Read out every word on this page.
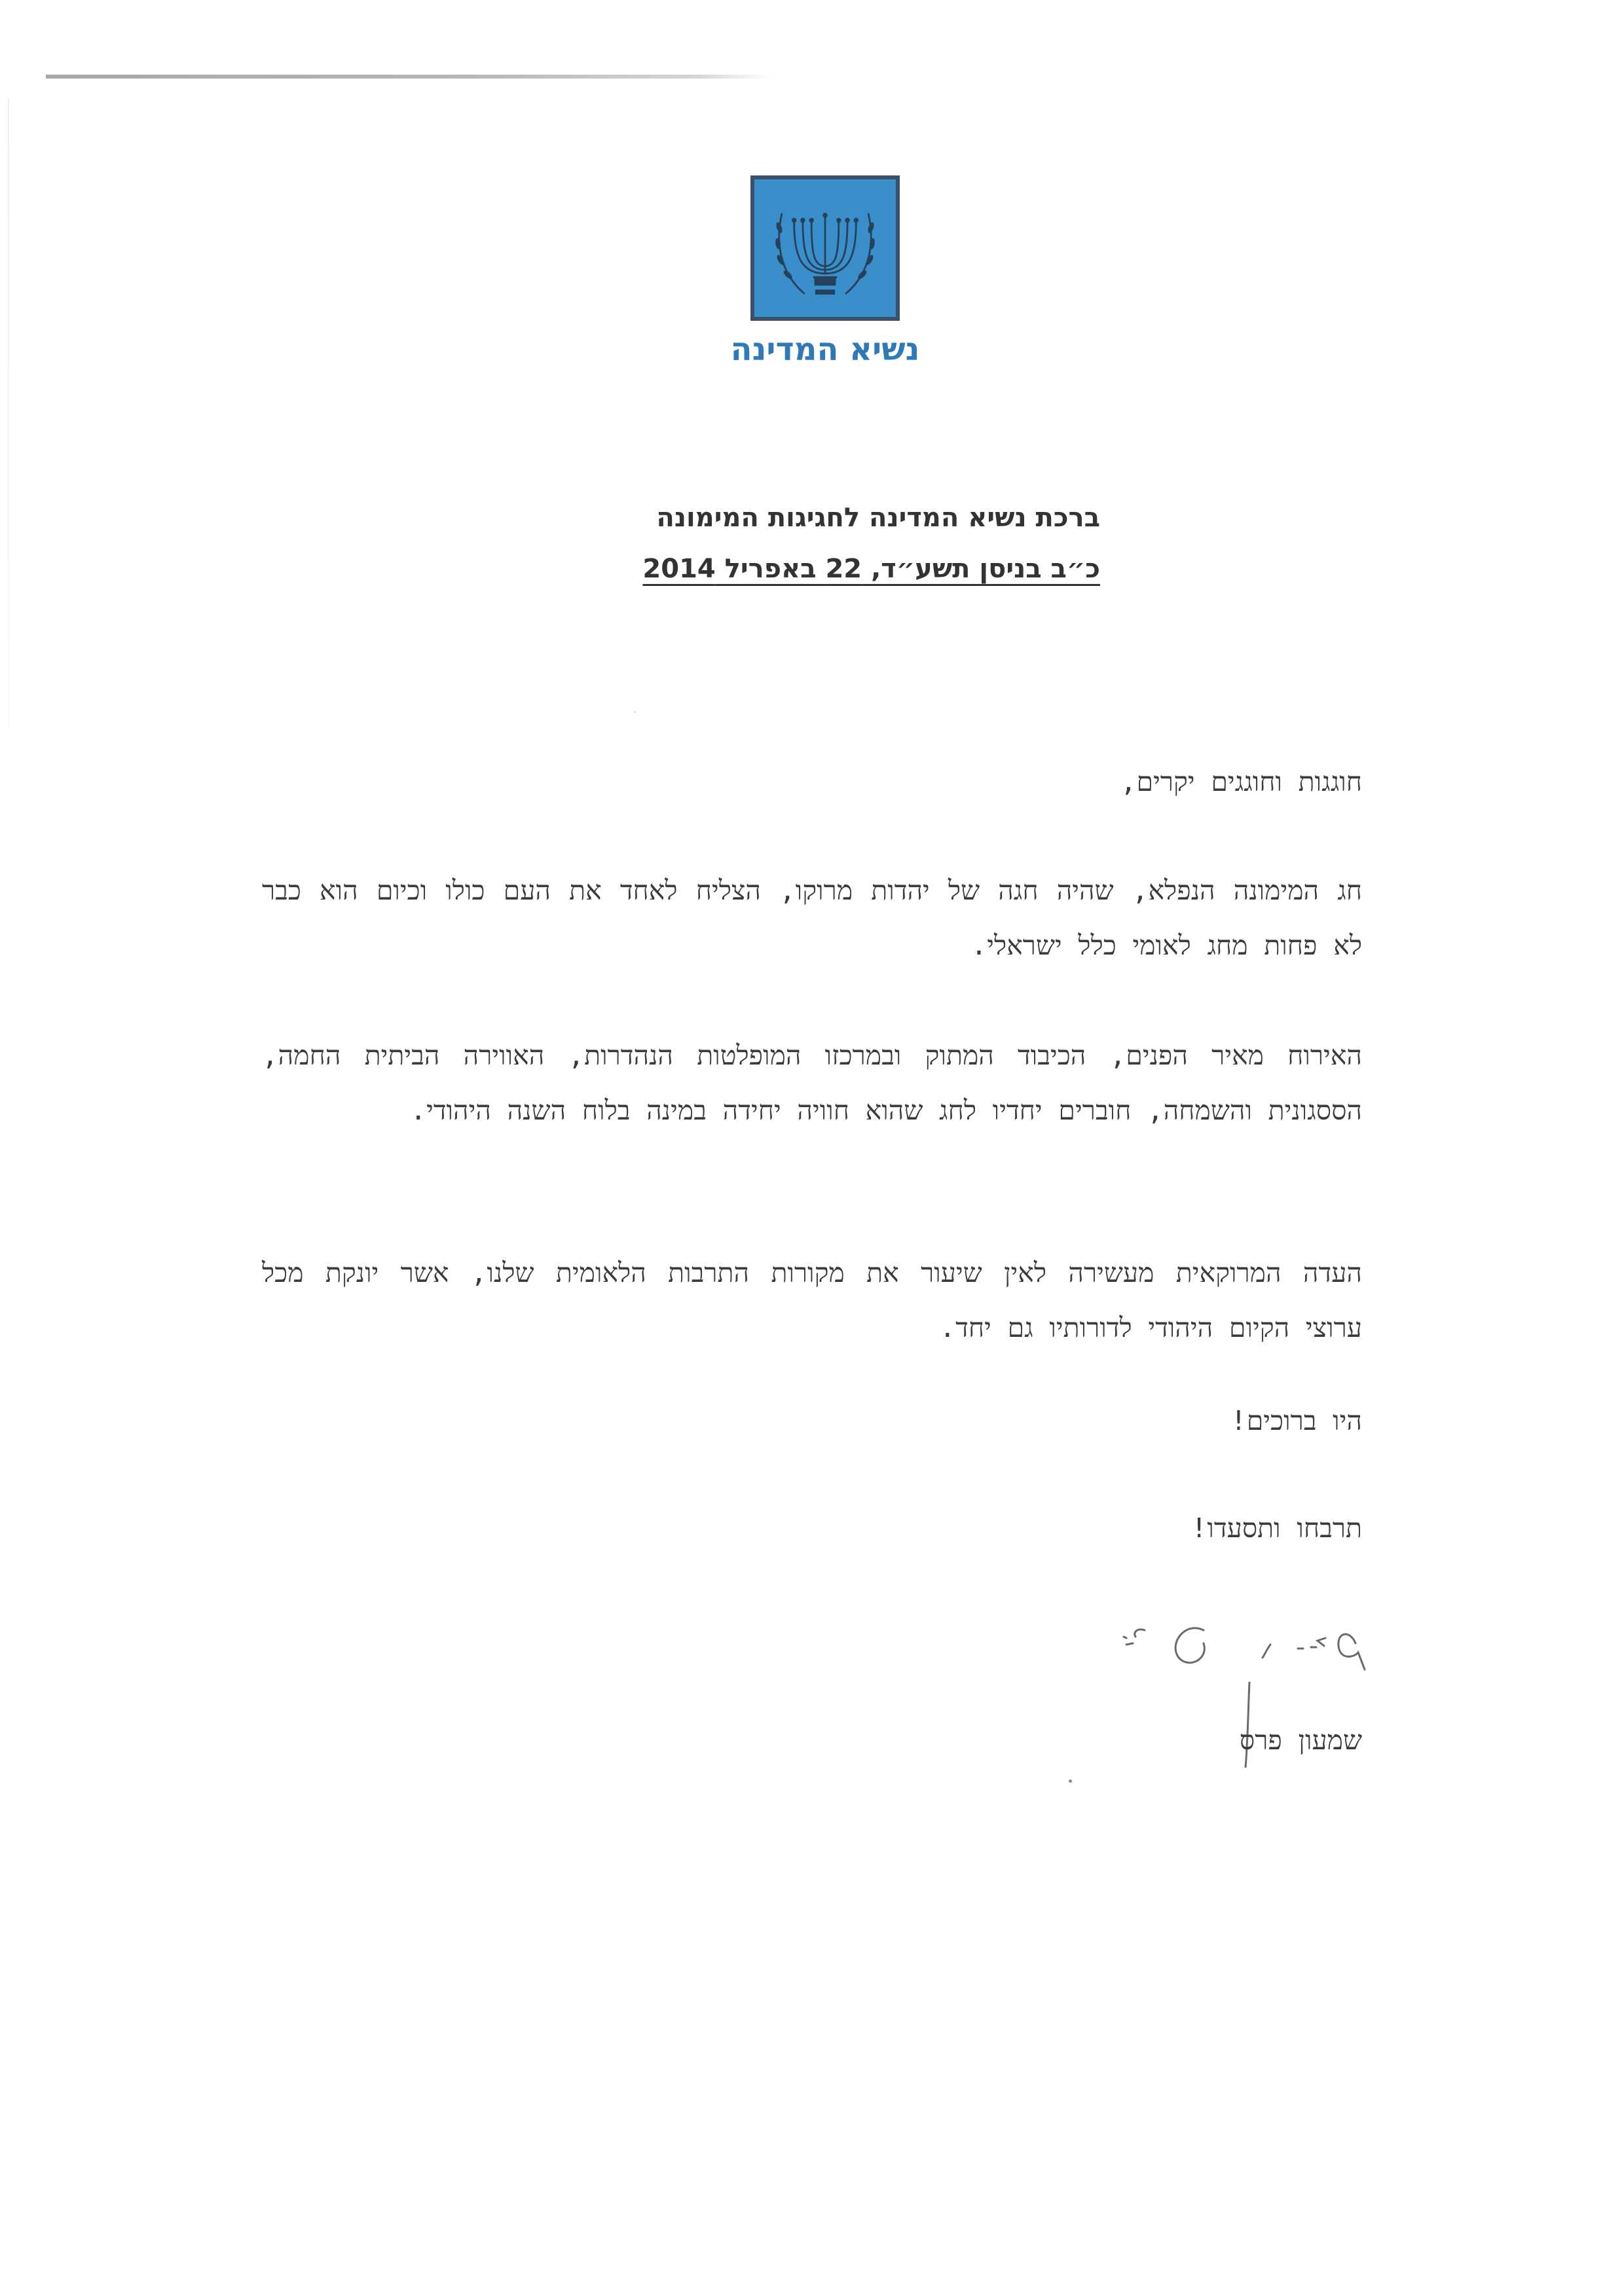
נשיא המדינה
ברכת נשיא המדינה לחגיגות המימונה
כ״ב בניסן תשע״ד, 22 באפריל 2014
חוגגות וחוגגים יקרים,

חג המימונה הנפלא, שהיה חגה של יהדות מרוקו, הצליח לאחד את העם כולו וכיום הוא כבר לא פחות מחג לאומי כלל ישראלי.

האירוח מאיר הפנים, הכיבוד המתוק ובמרכזו המופלטות הנהדרות, האווירה הביתית החמה, הססגונית והשמחה, חוברים יחדיו לחג שהוא חוויה יחידה במינה בלוח השנה היהודי.

העדה המרוקאית מעשירה לאין שיעור את מקורות התרבות הלאומית שלנו, אשר יונקת מכל ערוצי הקיום היהודי לדורותיו גם יחד.

היו ברוכים!
תרבחו ותסעדו!
שמעון פרס
